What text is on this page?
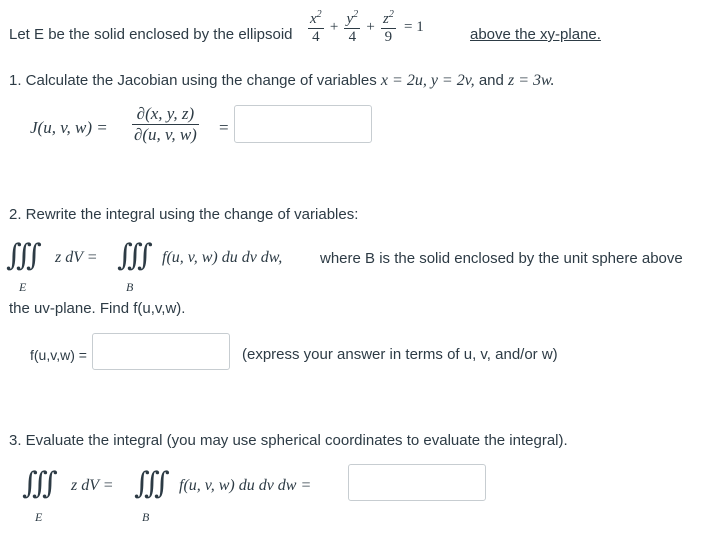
Let E be the solid enclosed by the ellipsoid $\frac{x^2}{4} + \frac{y^2}{4} + \frac{z^2}{9} = 1$	above the xy-plane.
1. Calculate the Jacobian using the change of variables x = 2u, y = 2v, and z = 3w.
J(u, v, $w) = \frac{\partial(x, y, z)}{\partial(u, v, w)}$ =
2. Rewrite the integral using the change of variables:
∭ z dV =
E
∭ f(u, v, w) du dv dw,
B
where B is the solid enclosed by the unit sphere above
the uv-plane. Find f(u,v,w).
f(u,v,w) =	(express your answer in terms of u, v, and/or w)
3. Evaluate the integral (you may use spherical coordinates to evaluate the integral).
∭ z dV =
E
∭ f(u, v, w) du dv dw =
B
